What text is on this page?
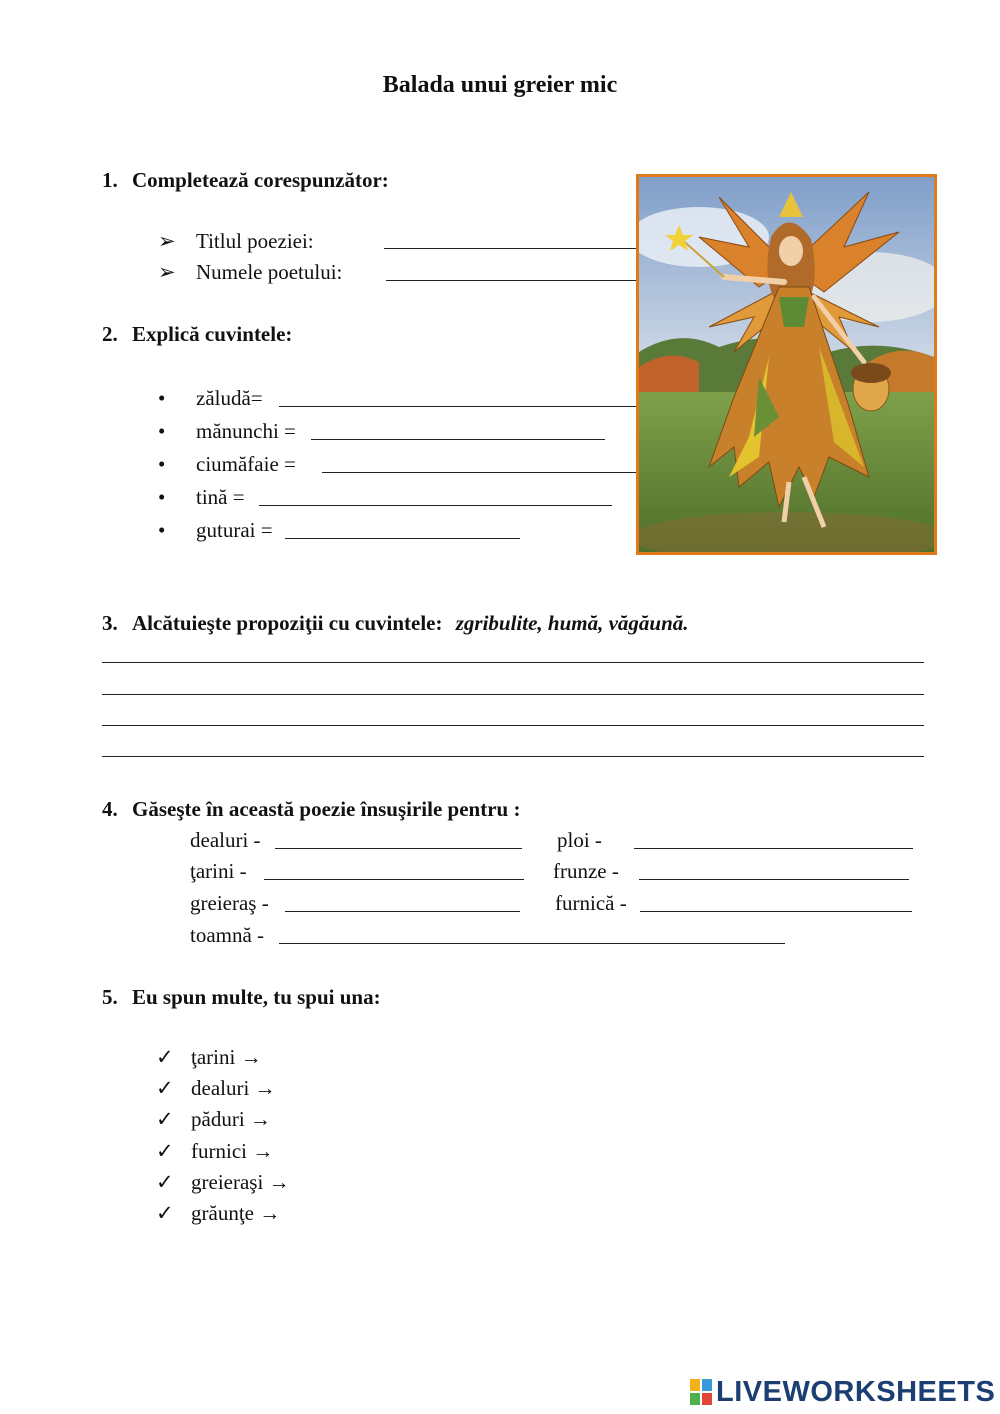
Balada unui greier mic
1. Completează corespunzător:
➢ Titlul poeziei:
➢ Numele poetului:
2. Explică cuvintele:
• zăludă=
• mănunchi =
• ciumăfaie =
• tină =
• guturai =
3. Alcătuieşte propoziţii cu cuvintele: zgribulite, humă, văgăună.
4. Găseşte în această poezie însuşirile pentru :
dealuri -	ploi -
ţarini -	frunze -
greieraş -	furnică -
toamnă -
5. Eu spun multe, tu spui una:
✓ ţarini →
✓ dealuri →
✓ păduri →
✓ furnici →
✓ greieraşi →
✓ grăunţe →
LIVEWORKSHEETS
